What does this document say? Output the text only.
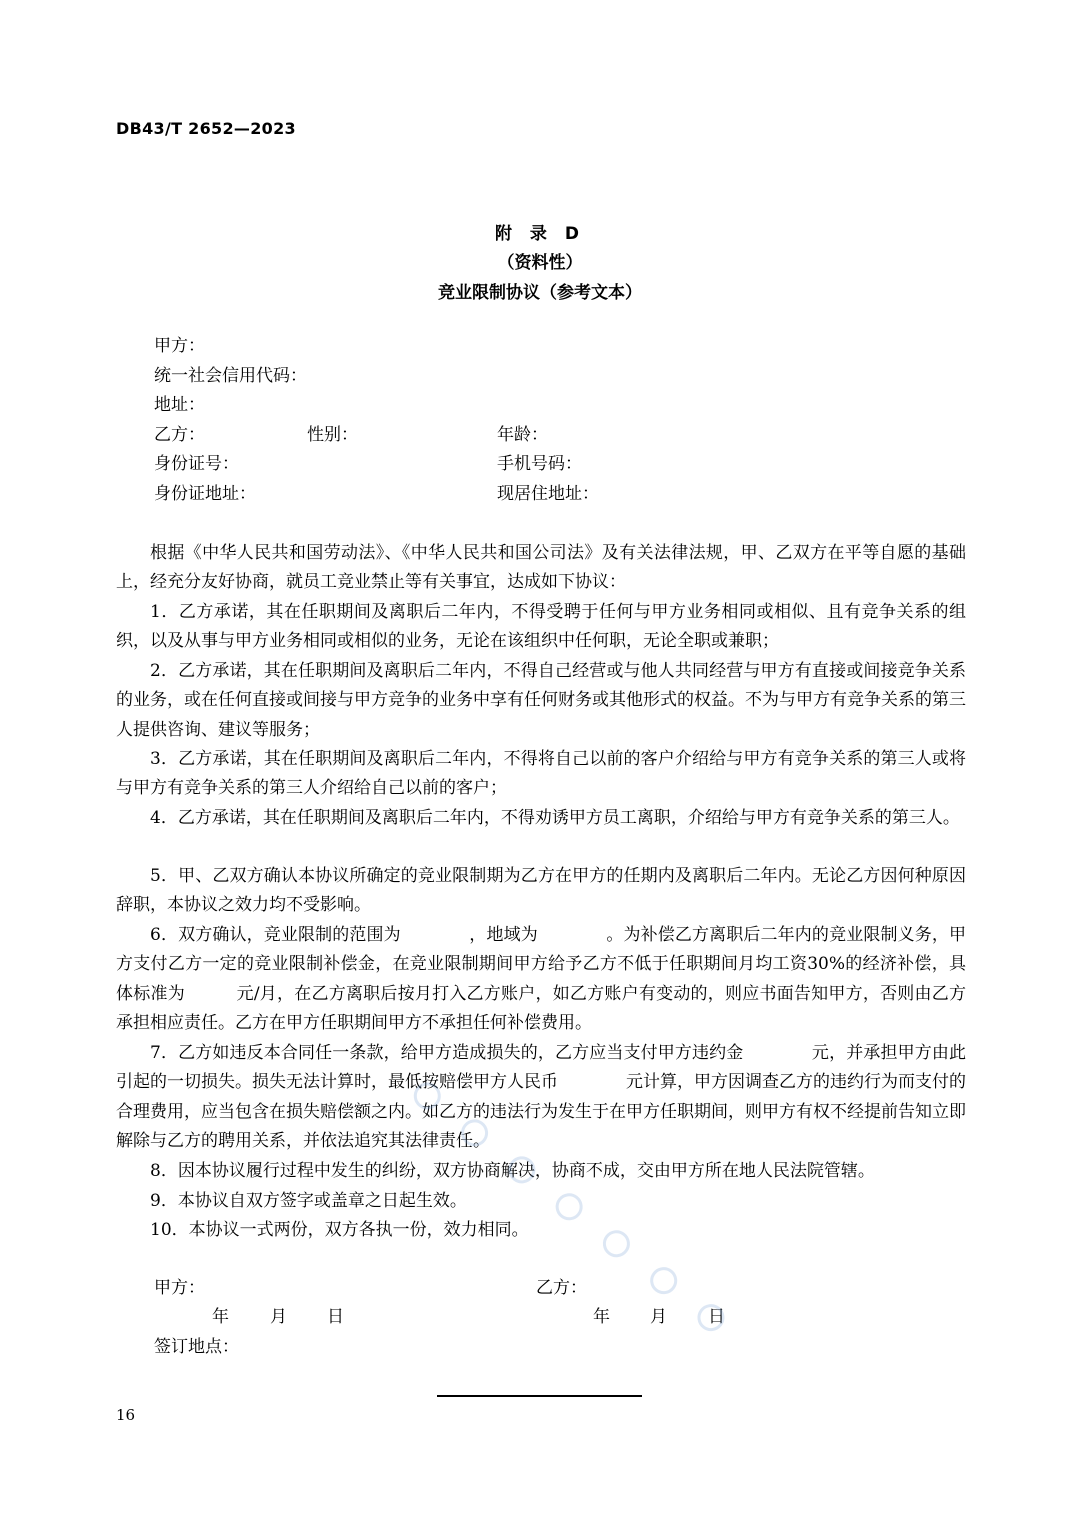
DB43/T 2652—2023
附 录 D
（资料性）
竞业限制协议（参考文本）
甲方：
统一社会信用代码：
地址：
乙方：	性别：	年龄：
身份证号：	手机号码：
身份证地址：	现居住地址：
根据《中华人民共和国劳动法》、《中华人民共和国公司法》及有关法律法规，甲、乙双方在平等自愿的基础上，经充分友好协商，就员工竞业禁止等有关事宜，达成如下协议：
1．乙方承诺，其在任职期间及离职后二年内，不得受聘于任何与甲方业务相同或相似、且有竞争关系的组织，以及从事与甲方业务相同或相似的业务，无论在该组织中任何职，无论全职或兼职；
2．乙方承诺，其在任职期间及离职后二年内，不得自己经营或与他人共同经营与甲方有直接或间接竞争关系的业务，或在任何直接或间接与甲方竞争的业务中享有任何财务或其他形式的权益。不为与甲方有竞争关系的第三人提供咨询、建议等服务；
3．乙方承诺，其在任职期间及离职后二年内，不得将自己以前的客户介绍给与甲方有竞争关系的第三人或将与甲方有竞争关系的第三人介绍给自己以前的客户；
4．乙方承诺，其在任职期间及离职后二年内，不得劝诱甲方员工离职，介绍给与甲方有竞争关系的第三人。
5．甲、乙双方确认本协议所确定的竞业限制期为乙方在甲方的任期内及离职后二年内。无论乙方因何种原因辞职，本协议之效力均不受影响。
6．双方确认，竞业限制的范围为　　　　，地域为　　　　。为补偿乙方离职后二年内的竞业限制义务，甲方支付乙方一定的竞业限制补偿金，在竞业限制期间甲方给予乙方不低于任职期间月均工资30%的经济补偿，具体标准为　　　元/月，在乙方离职后按月打入乙方账户，如乙方账户有变动的，则应书面告知甲方，否则由乙方承担相应责任。乙方在甲方任职期间甲方不承担任何补偿费用。
7．乙方如违反本合同任一条款，给甲方造成损失的，乙方应当支付甲方违约金　　　　元，并承担甲方由此引起的一切损失。损失无法计算时，最低按赔偿甲方人民币　　　　元计算，甲方因调查乙方的违约行为而支付的合理费用，应当包含在损失赔偿额之内。如乙方的违法行为发生于在甲方任职期间，则甲方有权不经提前告知立即解除与乙方的聘用关系，并依法追究其法律责任。
8．因本协议履行过程中发生的纠纷，双方协商解决，协商不成，交由甲方所在地人民法院管辖。
9．本协议自双方签字或盖章之日起生效。
10．本协议一式两份，双方各执一份，效力相同。
甲方：	乙方：
年 月 日	年 月 日
签订地点：
16
